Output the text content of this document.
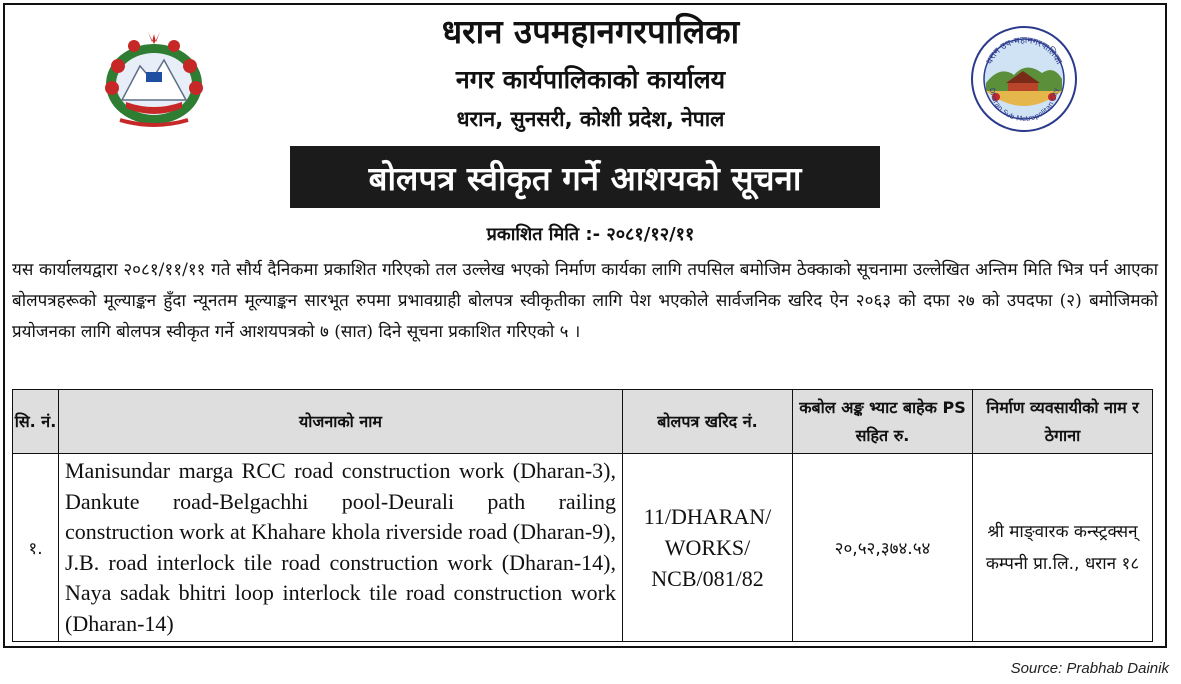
धरान उप-महानगरपालिका
Dharan Sub-Metropolitan City
धरान उपमहानगरपालिका
नगर कार्यपालिकाको कार्यालय
धरान, सुनसरी, कोशी प्रदेश, नेपाल
बोलपत्र स्वीकृत गर्ने आशयको सूचना
प्रकाशित मिति :- २०८१/१२/११

यस कार्यालयद्वारा २०८१/११/११ गते सौर्य दैनिकमा प्रकाशित गरिएको तल उल्लेख भएको निर्माण कार्यका लागि तपसिल बमोजिम ठेक्काको सूचनामा उल्लेखित अन्तिम मिति भित्र पर्न आएका बोलपत्रहरूको मूल्याङ्कन हुँदा न्यूनतम मूल्याङ्कन सारभूत रुपमा प्रभावग्राही बोलपत्र स्वीकृतीका लागि पेश भएकोले सार्वजनिक खरिद ऐन २०६३ को दफा २७ को उपदफा (२) बमोजिमको प्रयोजनका लागि बोलपत्र स्वीकृत गर्ने आशयपत्रको ७ (सात) दिने सूचना प्रकाशित गरिएको ५ ।

सि. नं.	योजनाको नाम	बोलपत्र खरिद नं.	कबोल अङ्क भ्याट बाहेक PS सहित रु.	निर्माण व्यवसायीको नाम र ठेगाना
१.	Manisundar marga RCC road construction work (Dharan-3), Dankute road-Belgachhi pool-Deurali path railing construction work at Khahare khola riverside road (Dharan-9), J.B. road interlock tile road construction work (Dharan-14), Naya sadak bhitri loop interlock tile road construction work (Dharan-14)	11/DHARAN/ WORKS/ NCB/081/82	२०,५२,३७४.५४	श्री माङ्वारक कन्स्ट्रक्सन् कम्पनी प्रा.लि., धरान १८
Source: Prabhab Dainik
